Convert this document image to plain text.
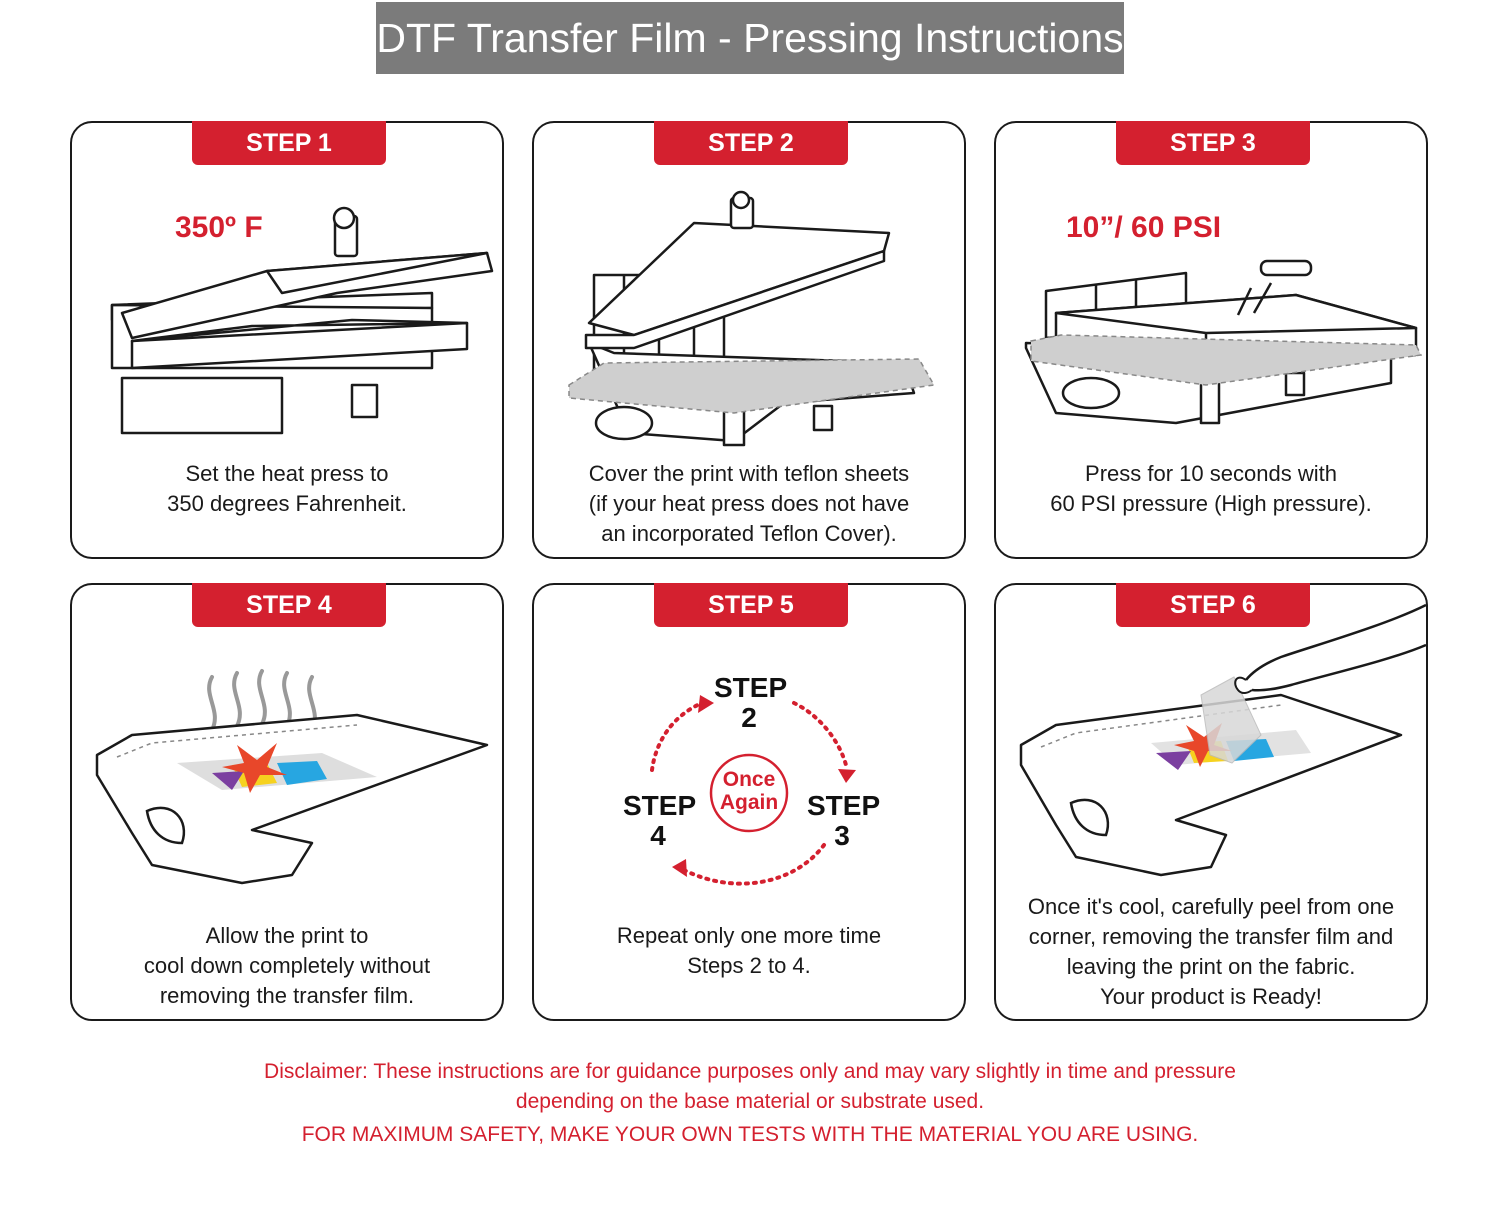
DTF Transfer Film - Pressing Instructions
STEP 1
350º F
Set the heat press to
350 degrees Fahrenheit.
STEP 2
Cover the print with teflon sheets
(if your heat press does not have
an incorporated Teflon Cover).
STEP 3
10”/ 60 PSI
Press for 10 seconds with
60 PSI pressure (High pressure).
STEP 4
Allow the print to
cool down completely without
removing the transfer film.
STEP 5
STEP
2
STEP
3
STEP
4
Once
Again
Repeat only one more time
Steps 2 to 4.
STEP 6
Once it's cool, carefully peel from one
corner, removing the transfer film and
leaving the print on the fabric.
Your product is Ready!
Disclaimer: These instructions are for guidance purposes only and may vary slightly in time and pressure
depending on the base material or substrate used.
FOR MAXIMUM SAFETY, MAKE YOUR OWN TESTS WITH THE MATERIAL YOU ARE USING.
